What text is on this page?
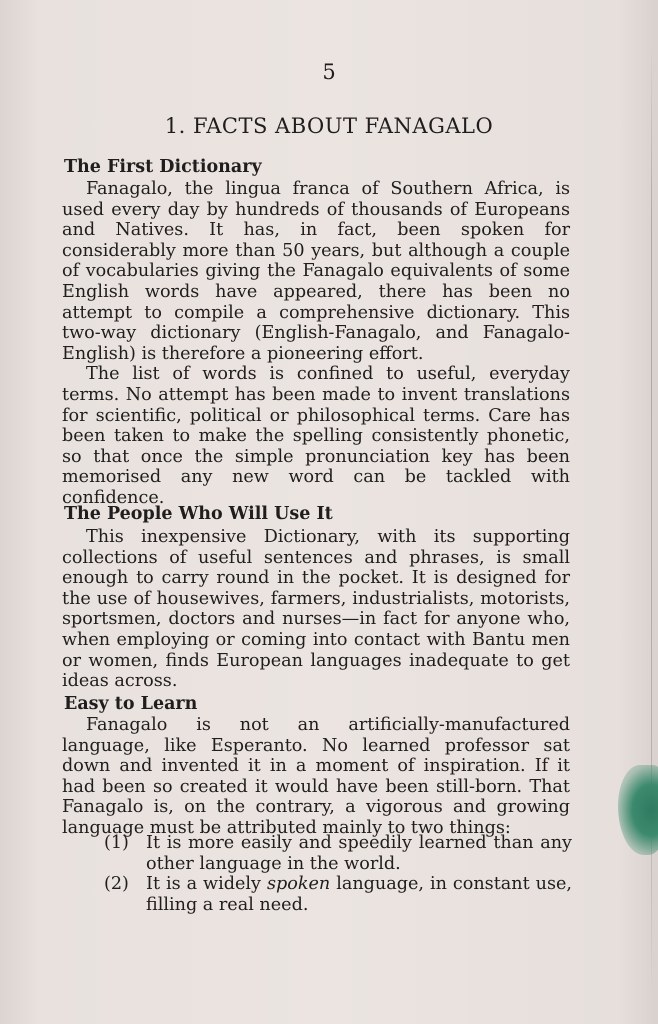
5
1. FACTS ABOUT FANAGALO
The First Dictionary

Fanagalo, the lingua franca of Southern Africa, is used every day by hundreds of thousands of Europeans and Natives. It has, in fact, been spoken for considerably more than 50 years, but although a couple of vocabularies giving the Fanagalo equivalents of some English words have appeared, there has been no attempt to compile a comprehensive dictionary. This two-way dictionary (English-Fanagalo, and Fanagalo-English) is therefore a pioneering effort.

The list of words is confined to useful, everyday terms. No attempt has been made to invent translations for scientific, political or philosophical terms. Care has been taken to make the spelling consistently phonetic, so that once the simple pronunciation key has been memorised any new word can be tackled with confidence.

The People Who Will Use It

This inexpensive Dictionary, with its supporting collections of useful sentences and phrases, is small enough to carry round in the pocket. It is designed for the use of housewives, farmers, industrialists, motorists, sportsmen, doctors and nurses—in fact for anyone who, when employing or coming into contact with Bantu men or women, finds European languages inadequate to get ideas across.

Easy to Learn

Fanagalo is not an artificially-manufactured language, like Esperanto. No learned professor sat down and invented it in a moment of inspiration. If it had been so created it would have been still-born. That Fanagalo is, on the contrary, a vigorous and growing language must be attributed mainly to two things:

(1) It is more easily and speedily learned than any other language in the world.

(2) It is a widely spoken language, in constant use, filling a real need.
